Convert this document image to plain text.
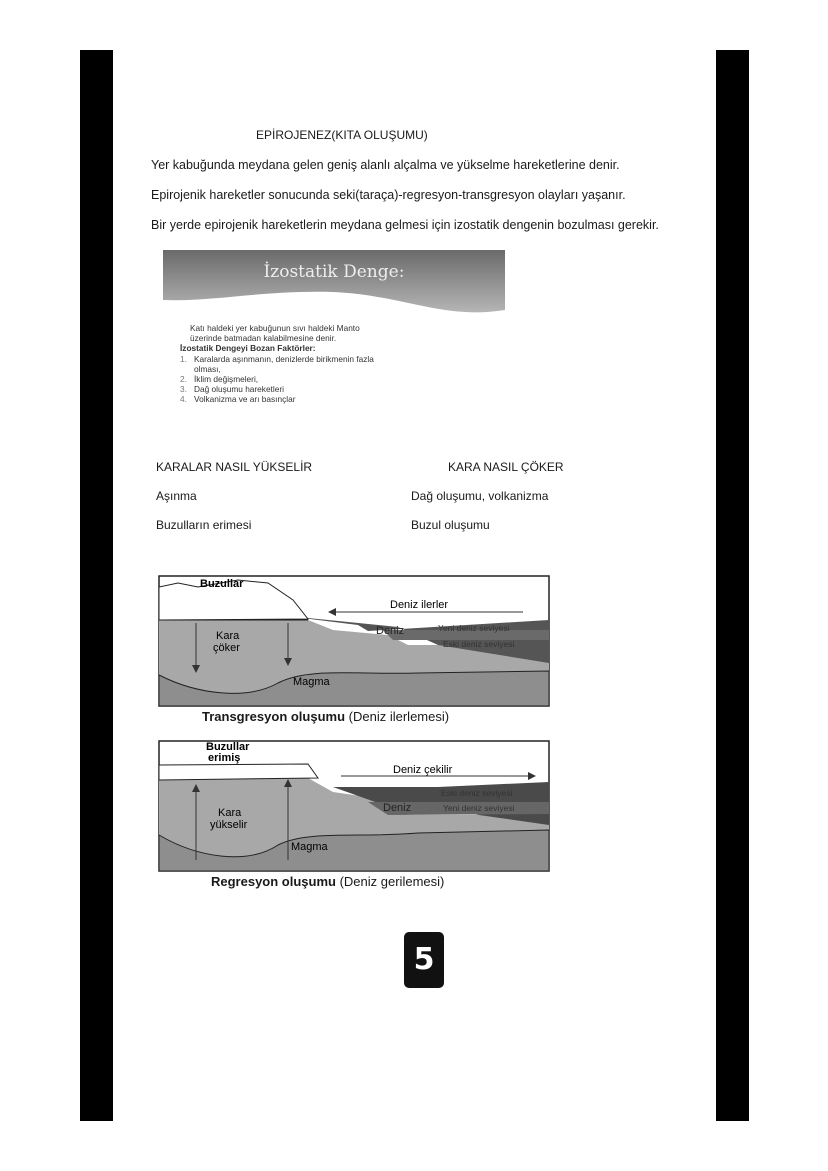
EPİROJENEZ(KITA OLUŞUMU)
Yer kabuğunda meydana gelen geniş alanlı alçalma ve yükselme hareketlerine denir.
Epirojenik hareketler sonucunda seki(taraça)-regresyon-transgresyon olayları yaşanır.
Bir yerde epirojenik hareketlerin meydana gelmesi için izostatik dengenin bozulması gerekir.
İzostatik Denge:
Katı haldeki yer kabuğunun sıvı haldeki Manto
üzerinde batmadan kalabilmesine denir.
İzostatik Dengeyi Bozan Faktörler:
1. Karalarda aşınmanın, denizlerde birikmenin fazla
olması,
2. İklim değişmeleri,
3. Dağ oluşumu hareketleri
4. Volkanizma ve arı basınçlar
KARALAR NASIL YÜKSELİR	KARA NASIL ÇÖKER
Aşınma
Buzulların erimesi
Dağ oluşumu, volkanizma
Buzul oluşumu
Buzullar
Kara
çöker
Deniz ilerler
Deniz	Yeni deniz seviyesi
Eski deniz seviyesi
Magma
Transgresyon oluşumu (Deniz ilerlemesi)
Buzullar
erimiş
Kara
yükselir
Deniz çekilir
Deniz
Eski deniz seviyesi
Yeni deniz seviyesi
Magma
Regresyon oluşumu (Deniz gerilemesi)
5
